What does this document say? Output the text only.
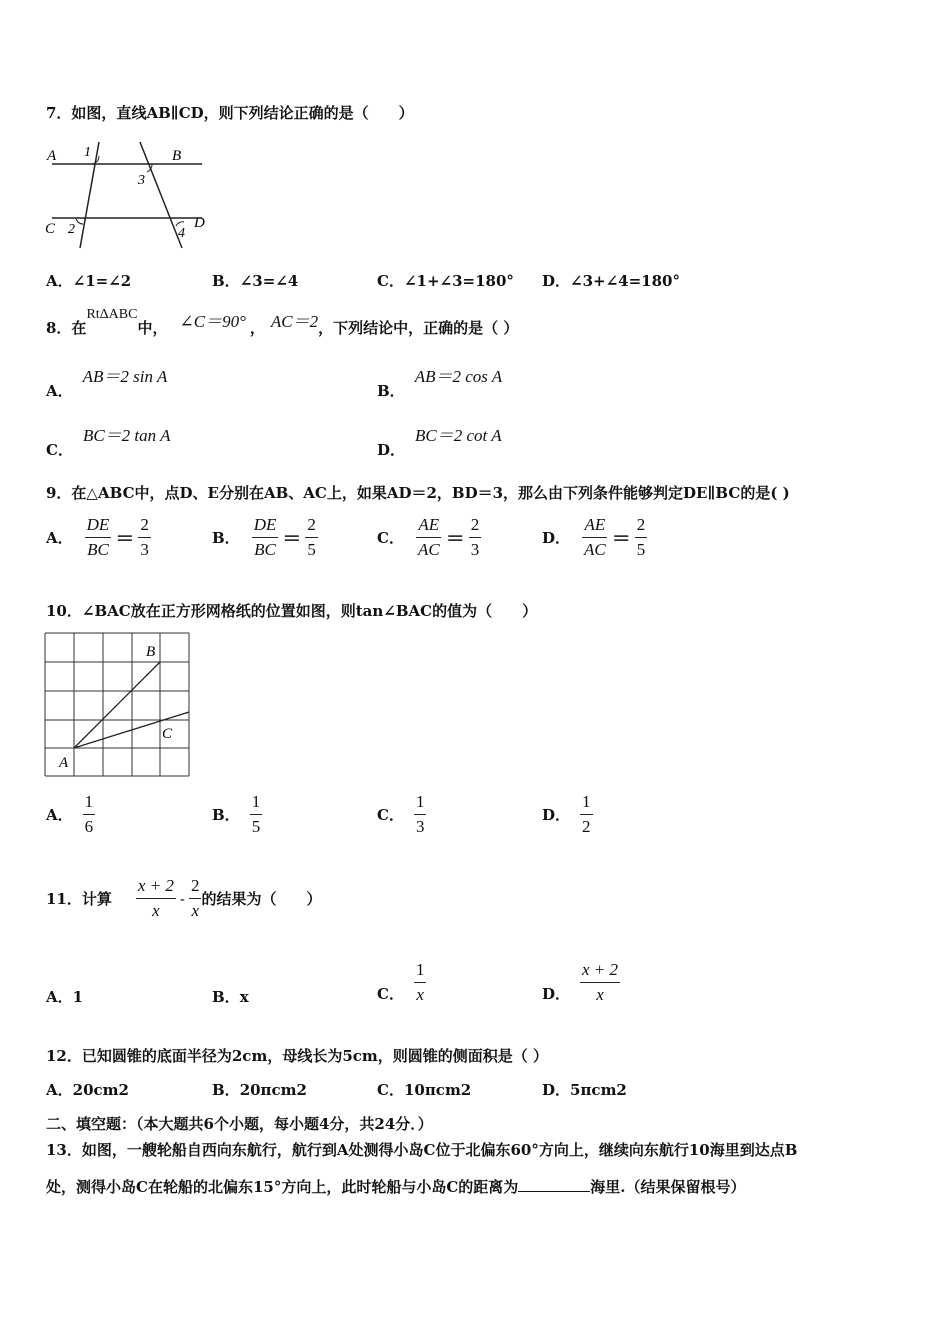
7．如图，直线AB∥CD，则下列结论正确的是（　　）
A	B
C	D
1
2
3
4
A．∠1=∠2	B．∠3=∠4	C．∠1+∠3=180° D．∠3+∠4=180°
8．在
RtΔABC
中， ∠C＝90° ， AC＝2 ，下列结论中，正确的是（ ）
A．AB＝2 sin A
B．AB＝2 cos A
C．BC＝2 tan A
D．BC＝2 cot A
9．在△ABC中，点D、E分别在AB、AC上，如果AD＝2，BD＝3，那么由下列条件能够判定DE∥BC的是( )
A． $\frac{DE}{BC} = \frac{2}{3}$	B． $\frac{DE}{BC} = \frac{2}{5}$	C． $\frac{AE}{AC} = \frac{2}{3}$	D． $\frac{AE}{AC} = \frac{2}{5}$
10．∠BAC放在正方形网格纸的位置如图，则tan∠BAC的值为（　　）
B
C
A
A． $\frac{1}{6}$	B． $\frac{1}{5}$	C． $\frac{1}{3}$	D． $\frac{1}{2}$
11．计算 $\frac{x + 2}{x} - \frac{2}{x}$ 的结果为（　　）
A．1	B．x	C． $\frac{1}{x}$	D． $\frac{x + 2}{x}$
12．已知圆锥的底面半径为2cm，母线长为5cm，则圆锥的侧面积是（ ）
A．20cm2	B．20πcm2	C．10πcm2	D．5πcm2
二、填空题：（本大题共6个小题，每小题4分，共24分．）
13．如图，一艘轮船自西向东航行，航行到A处测得小岛C位于北偏东60°方向上，继续向东航行10海里到达点B
处，测得小岛C在轮船的北偏东15°方向上，此时轮船与小岛C的距离为	海里.（结果保留根号）
